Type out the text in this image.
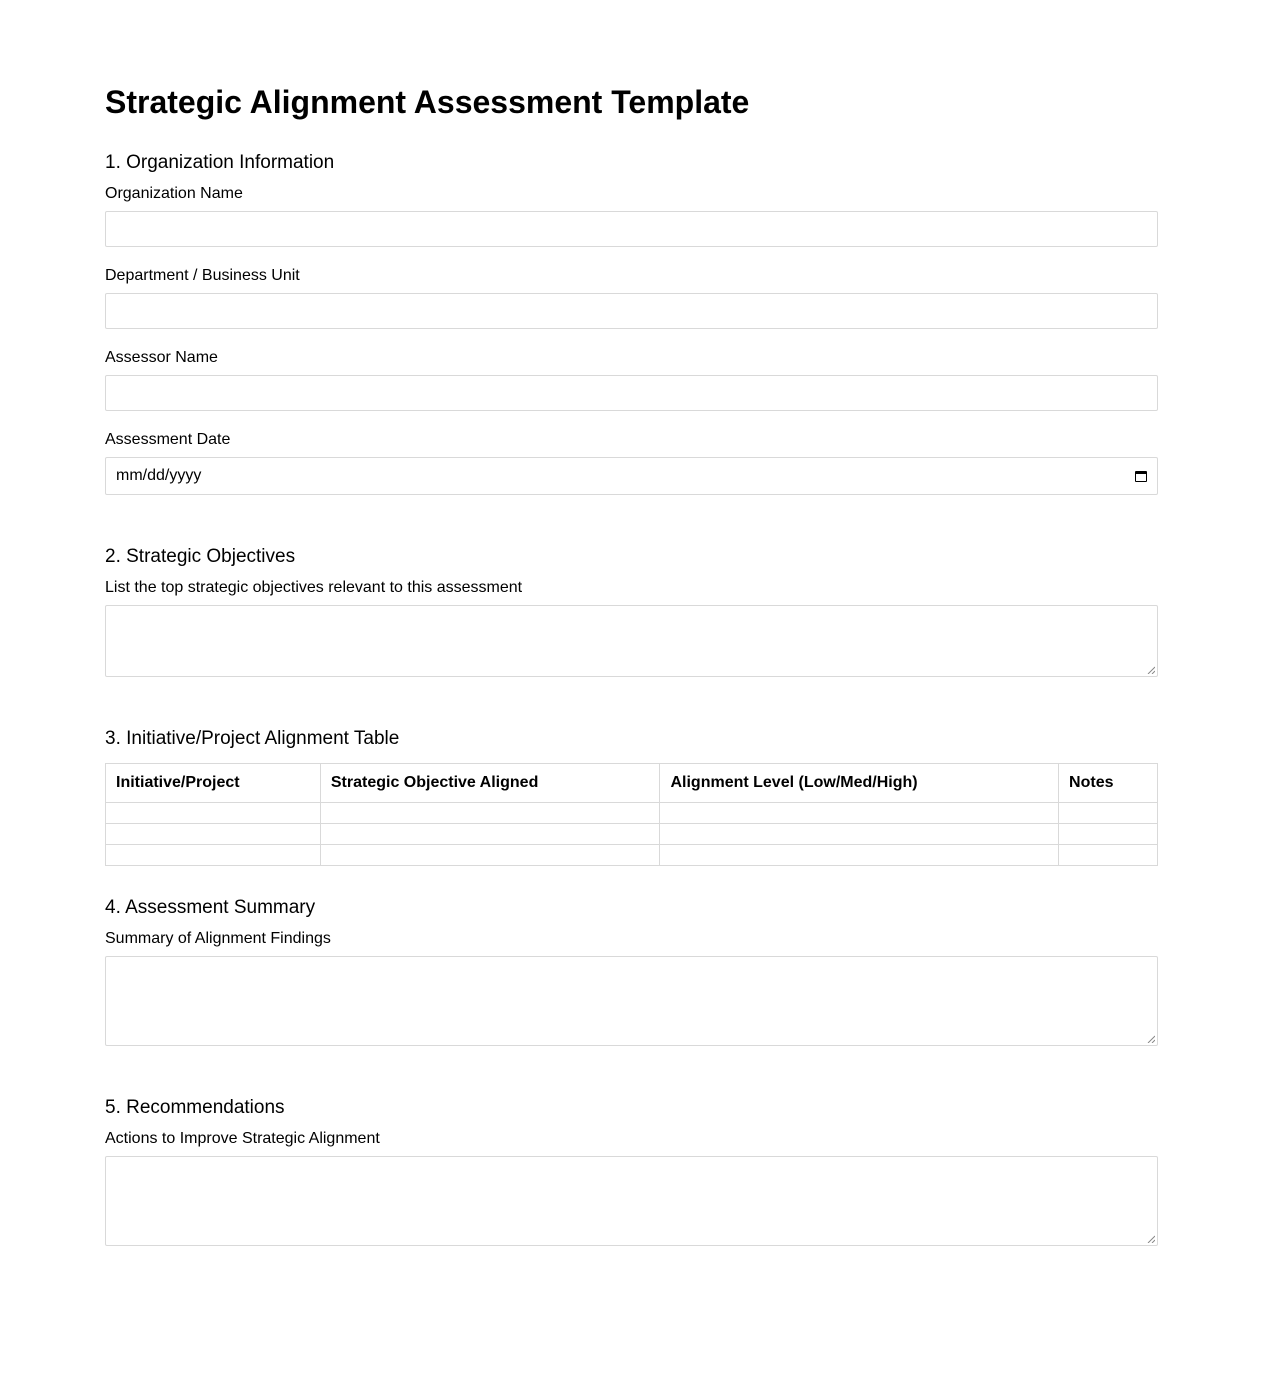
Strategic Alignment Assessment Template
1. Organization Information
Organization Name
Department / Business Unit
Assessor Name
Assessment Date
mm/dd/yyyy
2. Strategic Objectives
List the top strategic objectives relevant to this assessment
3. Initiative/Project Alignment Table
Initiative/Project	Strategic Objective Aligned	Alignment Level (Low/Med/High)	Notes

4. Assessment Summary
Summary of Alignment Findings
5. Recommendations
Actions to Improve Strategic Alignment
